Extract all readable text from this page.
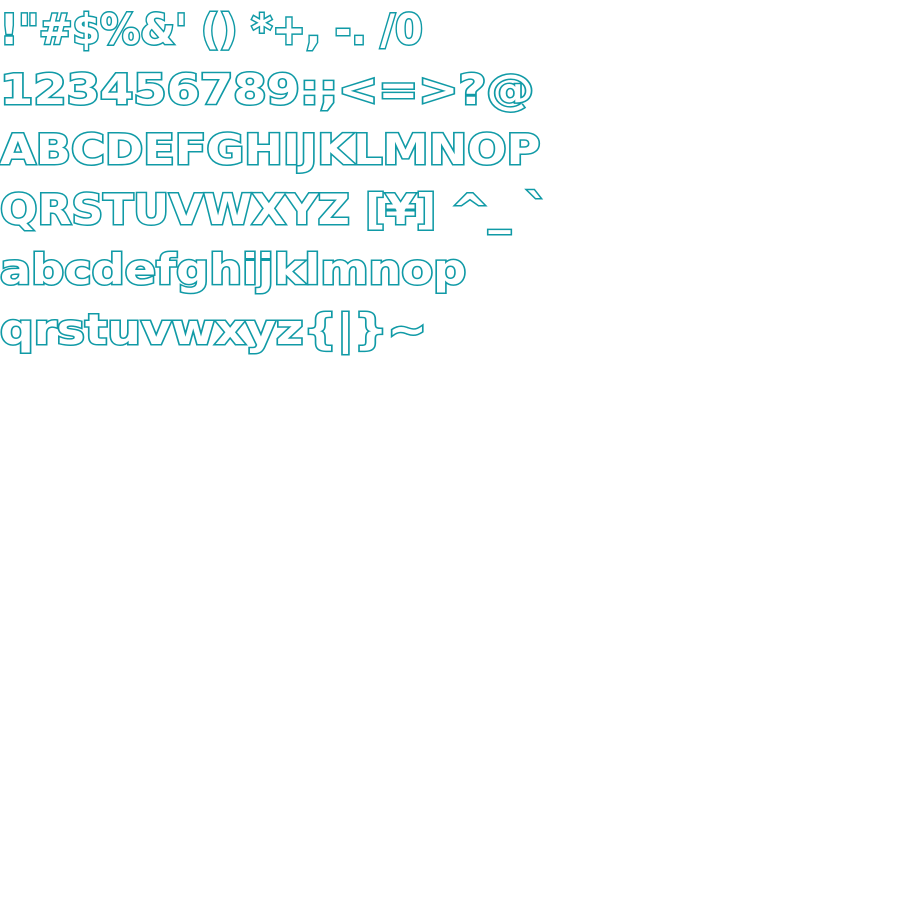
!"#$%&' () *+, -. /0
123456789:;<=>?@
ABCDEFGHIJKLMNOP
QRSTUVWXYZ [¥] ^_ `
abcdefghijklmnop
qrstuvwxyz{|}~
